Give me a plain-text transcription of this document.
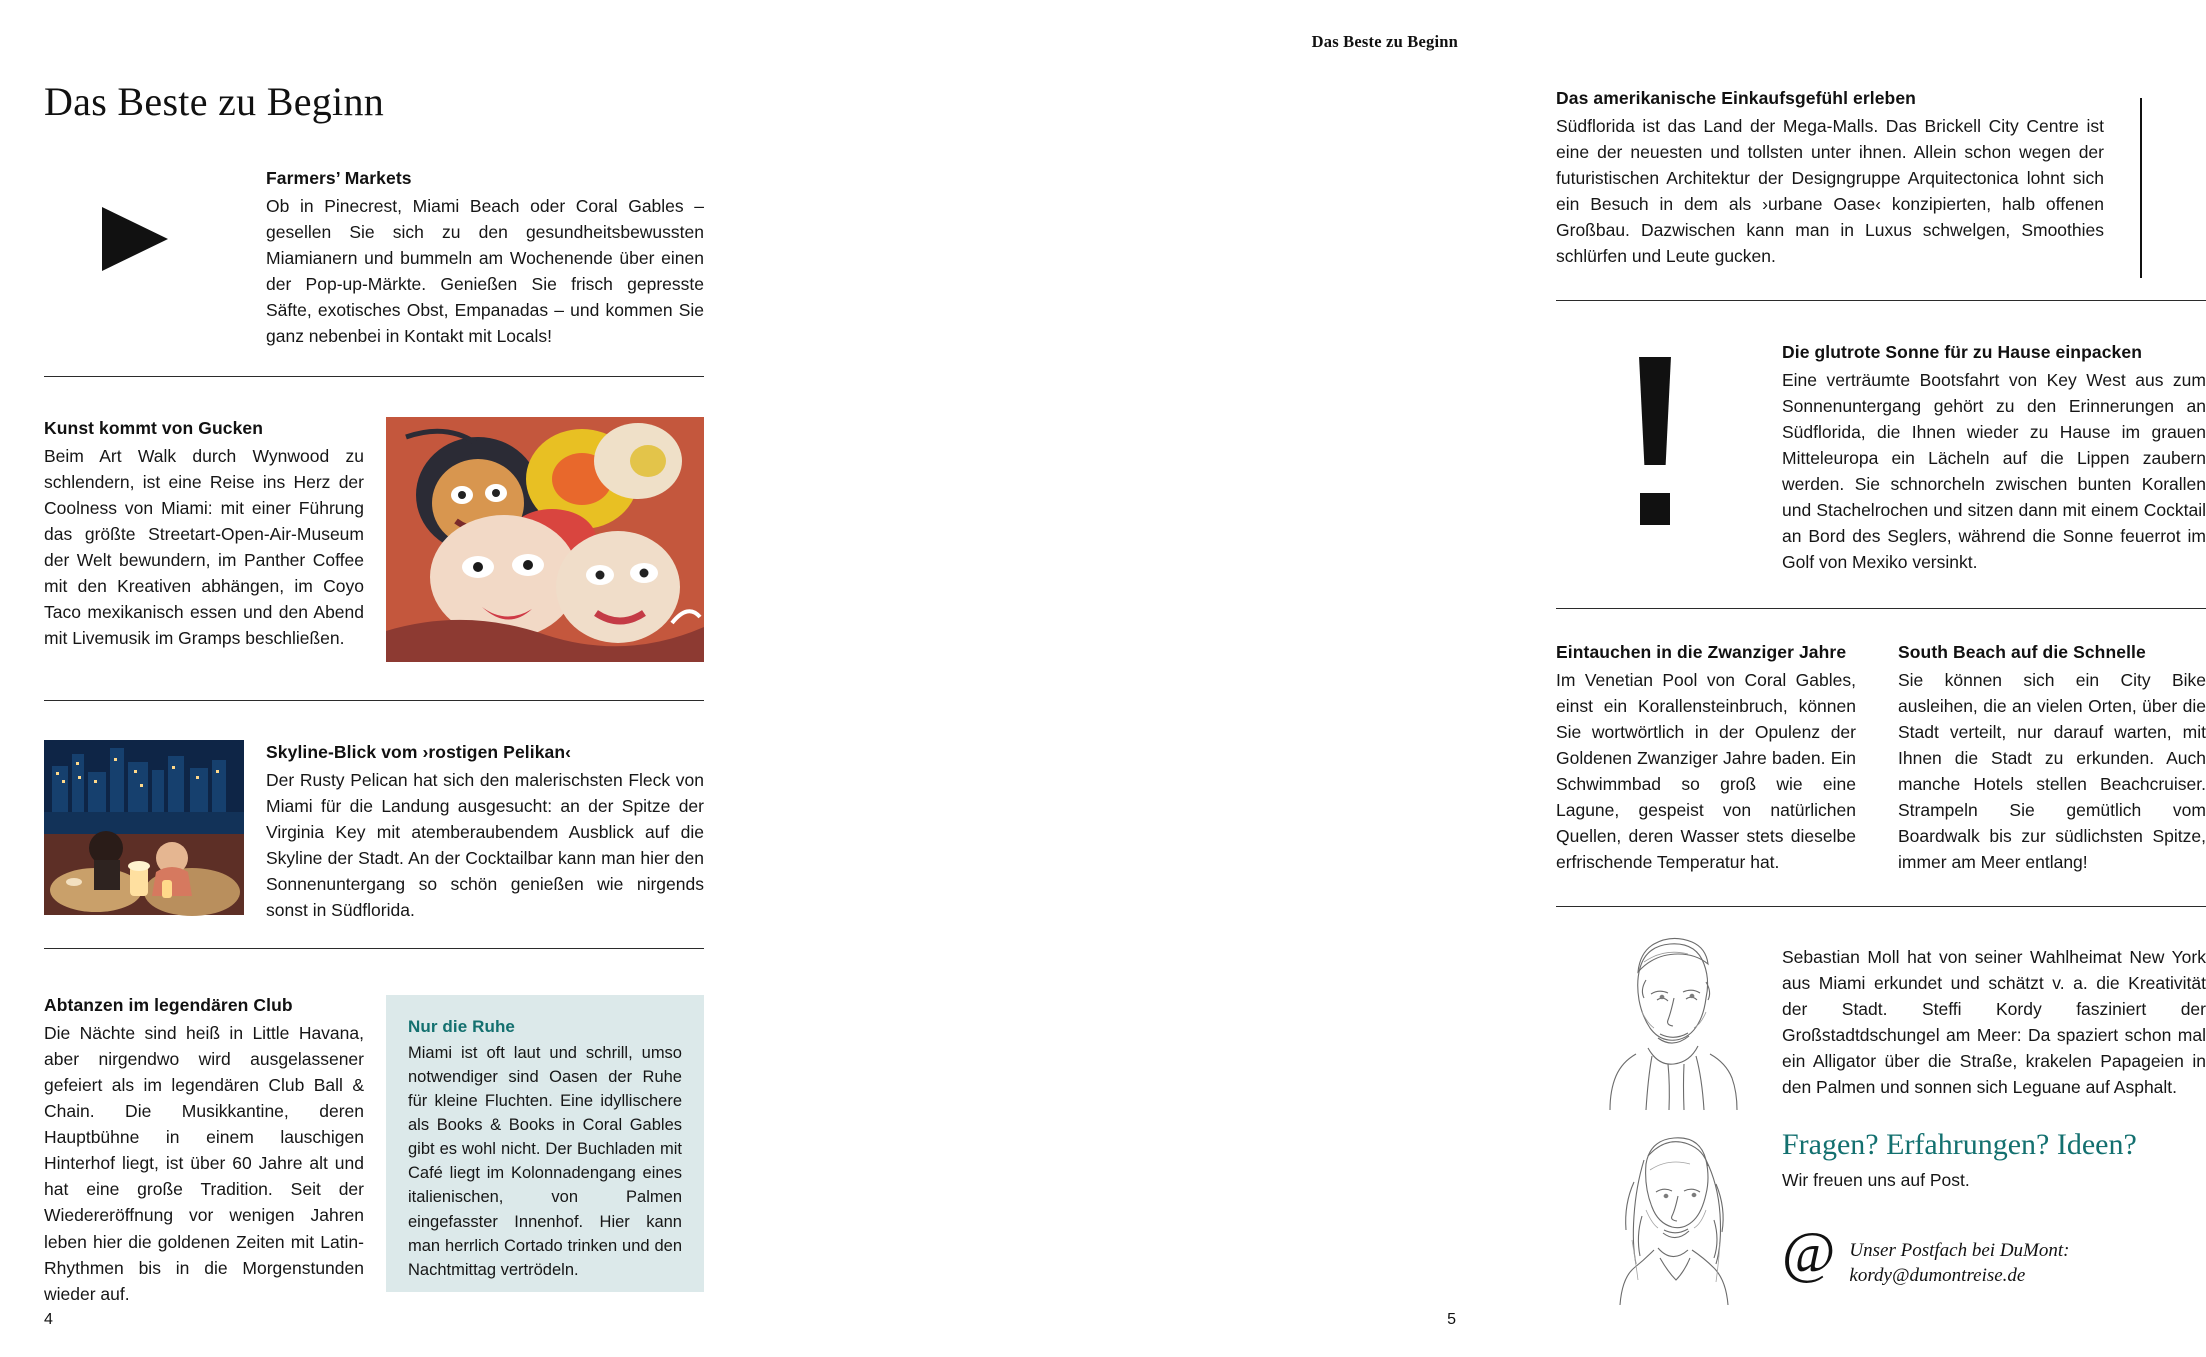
Das Beste zu Beginn
Farmers’ Markets
Ob in Pinecrest, Miami Beach oder Coral Gables – gesellen Sie sich zu den gesundheitsbewussten Miamianern und bummeln am Wochenende über einen der Pop-up-Märkte. Genießen Sie frisch gepresste Säfte, exotisches Obst, Empanadas – und kommen Sie ganz nebenbei in Kontakt mit Locals!
Kunst kommt von Gucken
Beim Art Walk durch Wynwood zu schlendern, ist eine Reise ins Herz der Coolness von Miami: mit einer Führung das größte Streetart-Open-Air-Museum der Welt bewundern, im Panther Coffee mit den Kreativen abhängen, im Coyo Taco mexikanisch essen und den Abend mit Livemusik im Gramps beschließen.
Skyline-Blick vom ›rostigen Pelikan‹
Der Rusty Pelican hat sich den malerischsten Fleck von Miami für die Landung ausgesucht: an der Spitze der Virginia Key mit atemberaubendem Ausblick auf die Skyline der Stadt. An der Cocktailbar kann man hier den Sonnenuntergang so schön genießen wie nirgends sonst in Südflorida.
Abtanzen im legendären Club
Die Nächte sind heiß in Little Havana, aber nirgendwo wird ausgelassener gefeiert als im legendären Club Ball & Chain. Die Musikkantine, deren Hauptbühne in einem lauschigen Hinterhof liegt, ist über 60 Jahre alt und hat eine große Tradition. Seit der Wiedereröffnung vor wenigen Jahren leben hier die goldenen Zeiten mit Latin-Rhythmen bis in die Morgenstunden wieder auf.
Nur die Ruhe
Miami ist oft laut und schrill, umso notwendiger sind Oasen der Ruhe für kleine Fluchten. Eine idyllischere als Books & Books in Coral Gables gibt es wohl nicht. Der Buchladen mit Café liegt im Kolonnadengang eines italienischen, von Palmen eingefasster Innenhof. Hier kann man herrlich Cortado trinken und den Nachtmittag vertrödeln.
4
Das Beste zu Beginn
Das amerikanische Einkaufsgefühl erleben
Südflorida ist das Land der Mega-Malls. Das Brickell City Centre ist eine der neuesten und tollsten unter ihnen. Allein schon wegen der futuristischen Architektur der Designgruppe Arquitectonica lohnt sich ein Besuch in dem als ›urbane Oase‹ konzipierten, halb offenen Großbau. Dazwischen kann man in Luxus schwelgen, Smoothies schlürfen und Leute gucken.
Die glutrote Sonne für zu Hause einpacken
Eine verträumte Bootsfahrt von Key West aus zum Sonnenuntergang gehört zu den Erinnerungen an Südflorida, die Ihnen wieder zu Hause im grauen Mitteleuropa ein Lächeln auf die Lippen zaubern werden. Sie schnorcheln zwischen bunten Korallen und Stachelrochen und sitzen dann mit einem Cocktail an Bord des Seglers, während die Sonne feuerrot im Golf von Mexiko versinkt.
Eintauchen in die Zwanziger Jahre
Im Venetian Pool von Coral Gables, einst ein Korallensteinbruch, können Sie wortwörtlich in der Opulenz der Goldenen Zwanziger Jahre baden. Ein Schwimmbad so groß wie eine Lagune, gespeist von natürlichen Quellen, deren Wasser stets dieselbe erfrischende Temperatur hat.
South Beach auf die Schnelle
Sie können sich ein City Bike ausleihen, die an vielen Orten, über die Stadt verteilt, nur darauf warten, mit Ihnen die Stadt zu erkunden. Auch manche Hotels stellen Beachcruiser. Strampeln Sie gemütlich vom Boardwalk bis zur südlichsten Spitze, immer am Meer entlang!
Sebastian Moll hat von seiner Wahlheimat New York aus Miami erkundet und schätzt v. a. die Kreativität der Stadt. Steffi Kordy fasziniert der Großstadtdschungel am Meer: Da spaziert schon mal ein Alligator über die Straße, krakelen Papageien in den Palmen und sonnen sich Leguane auf Asphalt.
Fragen? Erfahrungen? Ideen?
Wir freuen uns auf Post.
@ Unser Postfach bei DuMont:
kordy@dumontreise.de
5
